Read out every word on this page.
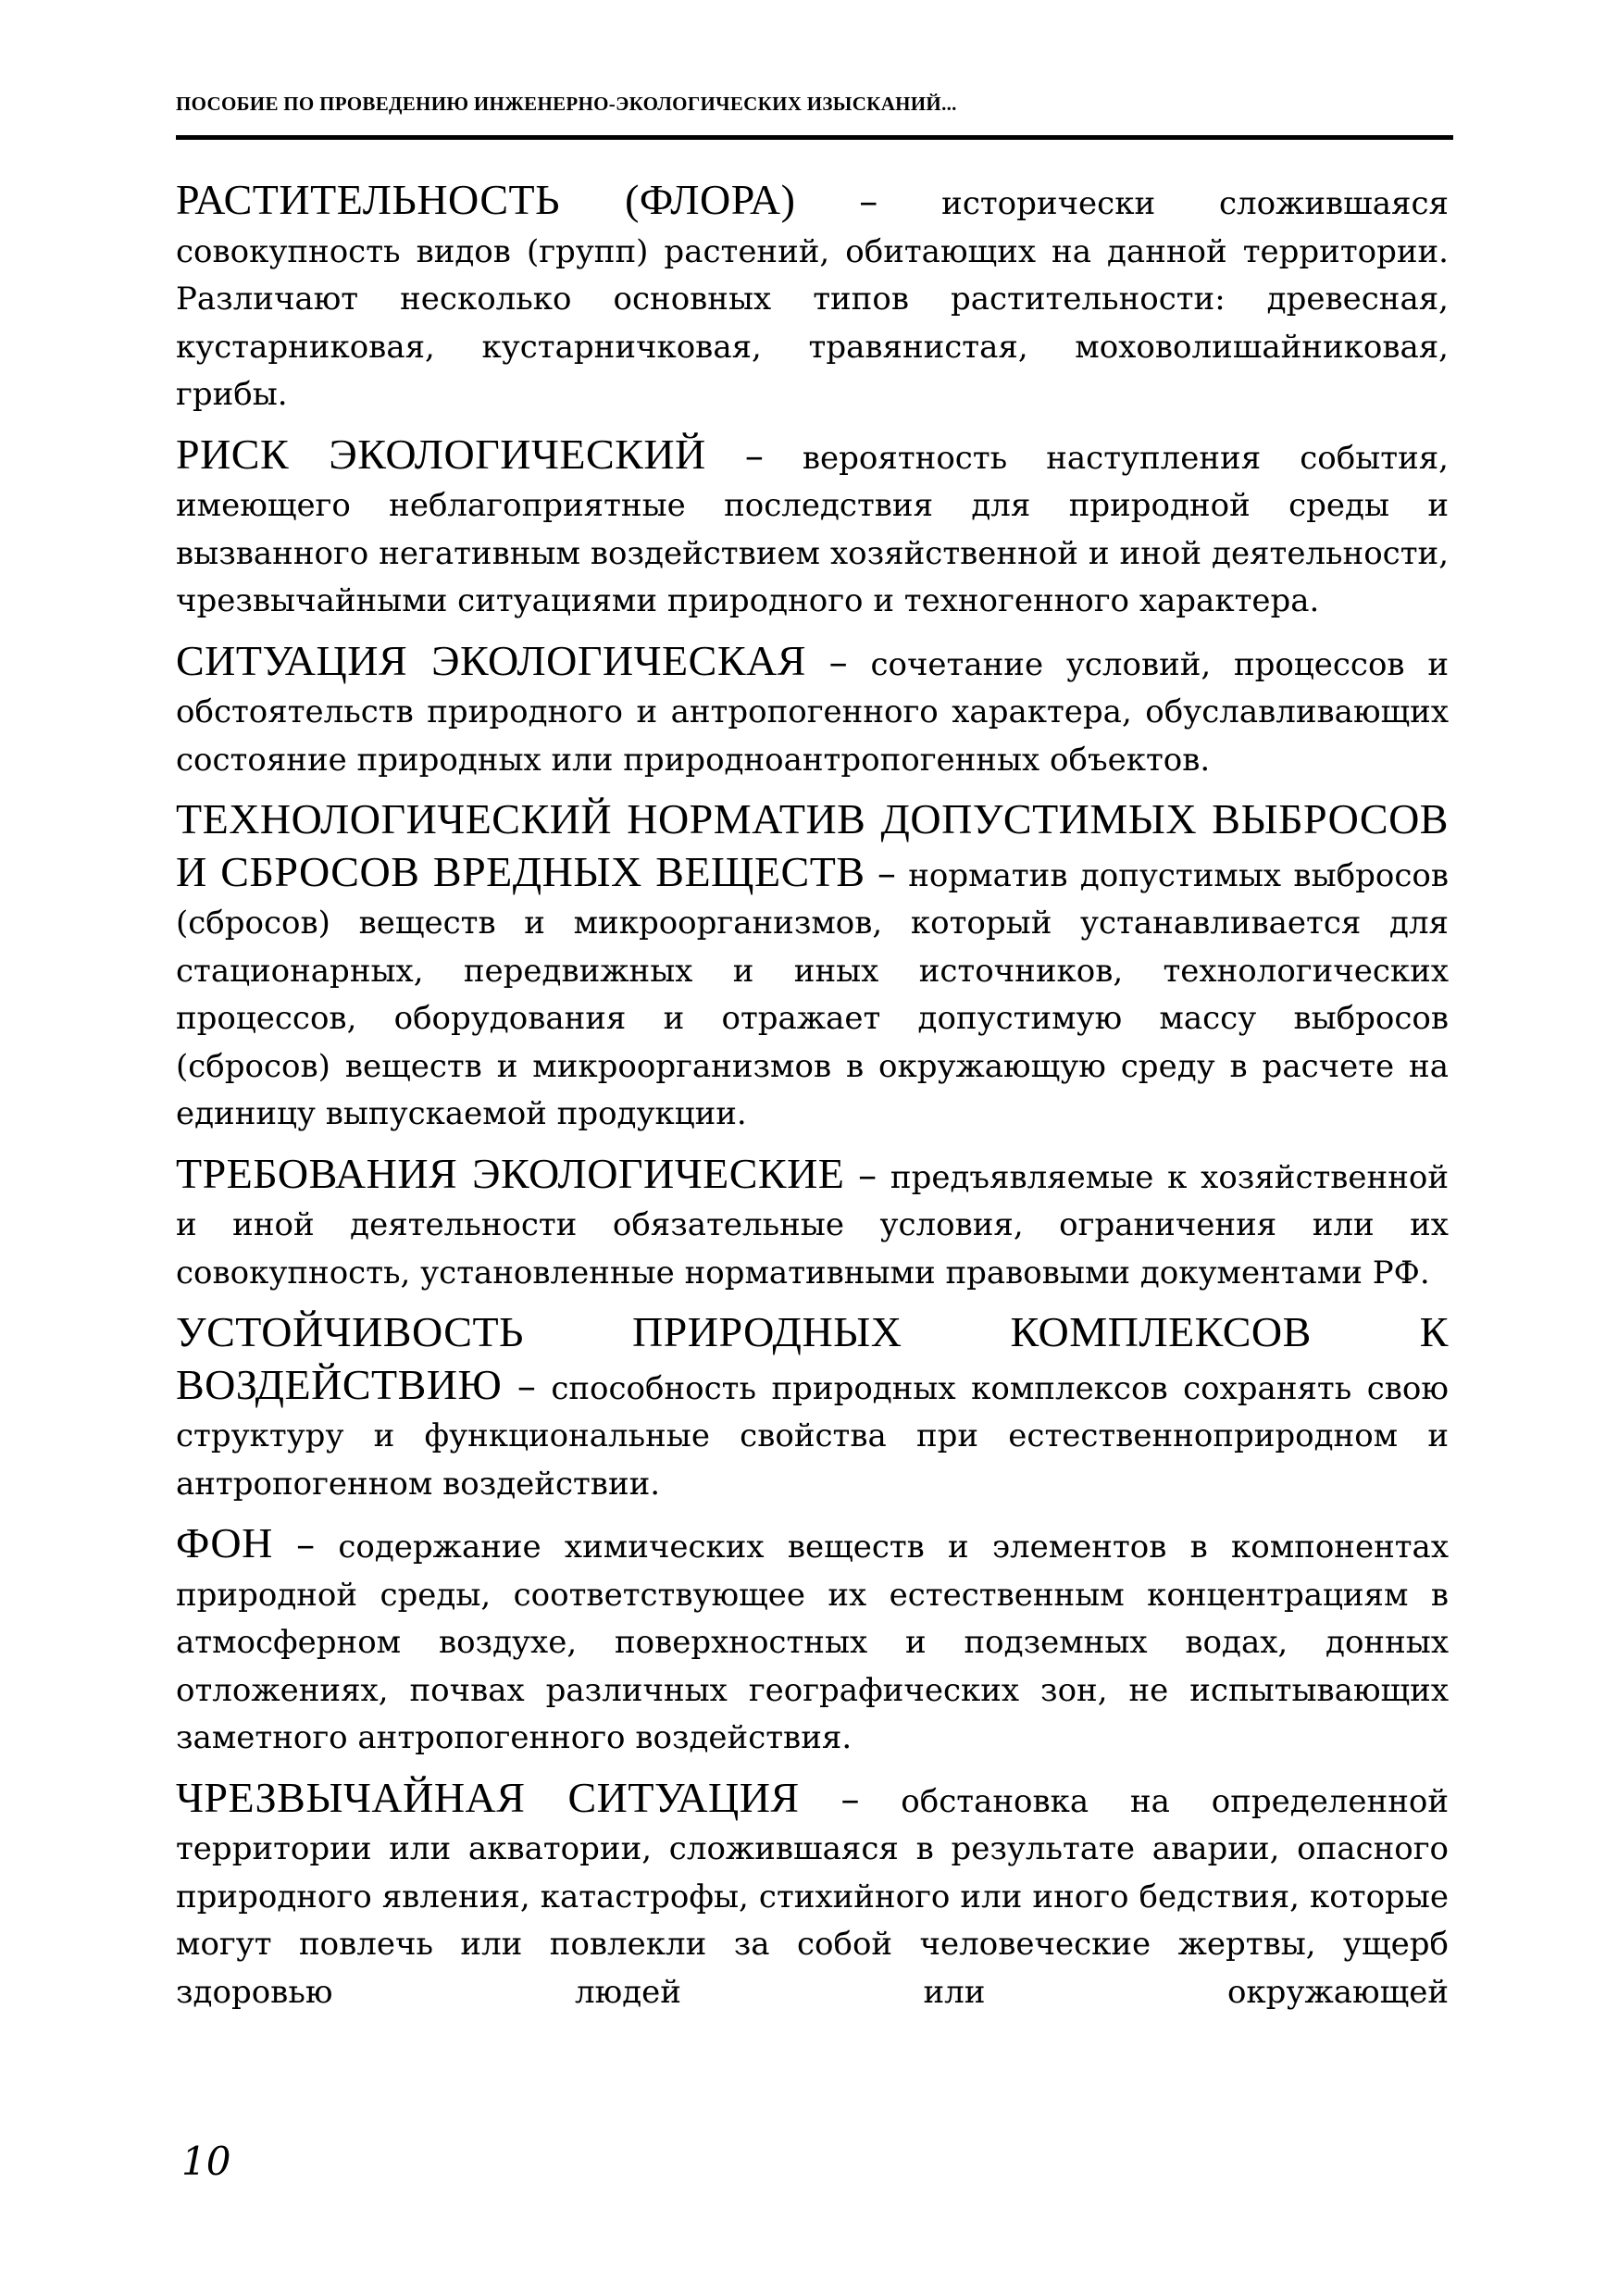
ПОСОБИЕ ПО ПРОВЕДЕНИЮ ИНЖЕНЕРНО-ЭКОЛОГИЧЕСКИХ ИЗЫСКАНИЙ...

РАСТИТЕЛЬНОСТЬ (ФЛОРА) – исторически сложившаяся совокупность видов (групп) растений, обитающих на данной территории. Различают несколько основных типов растительности: древесная, кустарниковая, кустарничковая, травянистая, моховолишайниковая, грибы.

РИСК ЭКОЛОГИЧЕСКИЙ – вероятность наступления события, имеющего неблагоприятные последствия для природной среды и вызванного негативным воздействием хозяйственной и иной деятельности, чрезвычайными ситуациями природного и техногенного характера.

СИТУАЦИЯ ЭКОЛОГИЧЕСКАЯ – сочетание условий, процессов и обстоятельств природного и антропогенного характера, обуславливающих состояние природных или природноантропогенных объектов.

ТЕХНОЛОГИЧЕСКИЙ НОРМАТИВ ДОПУСТИМЫХ ВЫБРОСОВ И СБРОСОВ ВРЕДНЫХ ВЕЩЕСТВ – норматив допустимых выбросов (сбросов) веществ и микроорганизмов, который устанавливается для стационарных, передвижных и иных источников, технологических процессов, оборудования и отражает допустимую массу выбросов (сбросов) веществ и микроорганизмов в окружающую среду в расчете на единицу выпускаемой продукции.

ТРЕБОВАНИЯ ЭКОЛОГИЧЕСКИЕ – предъявляемые к хозяйственной и иной деятельности обязательные условия, ограничения или их совокупность, установленные нормативными правовыми документами РФ.

УСТОЙЧИВОСТЬ ПРИРОДНЫХ КОМПЛЕКСОВ К ВОЗДЕЙСТВИЮ – способность природных комплексов сохранять свою структуру и функциональные свойства при естественноприродном и антропогенном воздействии.

ФОН – содержание химических веществ и элементов в компонентах природной среды, соответствующее их естественным концентрациям в атмосферном воздухе, поверхностных и подземных водах, донных отложениях, почвах различных географических зон, не испытывающих заметного антропогенного воздействия.

ЧРЕЗВЫЧАЙНАЯ СИТУАЦИЯ – обстановка на определенной территории или акватории, сложившаяся в результате аварии, опасного природного явления, катастрофы, стихийного или иного бедствия, которые могут повлечь или повлекли за собой человеческие жертвы, ущерб здоровью людей или окружающей

10
